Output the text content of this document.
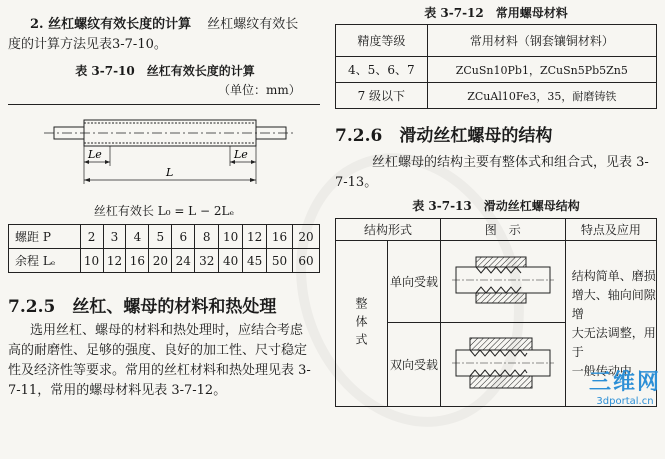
2. 丝杠螺纹有效长度的计算 丝杠螺纹有效长
度的计算方法见表3-7-10。
表 3-7-10　丝杠有效长度的计算
（单位：mm）
Le	Le
L
丝杠有效长 L₀ = L − 2Lₑ
螺距 P	2	3	4	5	6	8	10	12	16	20
余程 Lₑ	10	12	16	20	24	32	40	45	50	60
7.2.5　丝杠、螺母的材料和热处理
选用丝杠、螺母的材料和热处理时，应结合考虑
高的耐磨性、足够的强度、良好的加工性、尺寸稳定
性及经济性等要求。常用的丝杠材料和热处理见表 3-
7-11，常用的螺母材料见表 3-7-12。
表 3-7-12　常用螺母材料
精度等级	常用材料（钢套镶铜材料）
4、5、6、7	ZCuSn10Pb1，ZCuSn5Pb5Zn5
7 级以下	ZCuAl10Fe3，35，耐磨铸铁
7.2.6　滑动丝杠螺母的结构
丝杠螺母的结构主要有整体式和组合式，见表 3-
7-13。
表 3-7-13　滑动丝杠螺母结构
结构形式		图　示	特点及应用
整体式	单向受载		结构简单、磨损
增大、轴向间隙增
大无法调整，用于
一般传动中

	双向受载	
三维网
3dportal.cn
